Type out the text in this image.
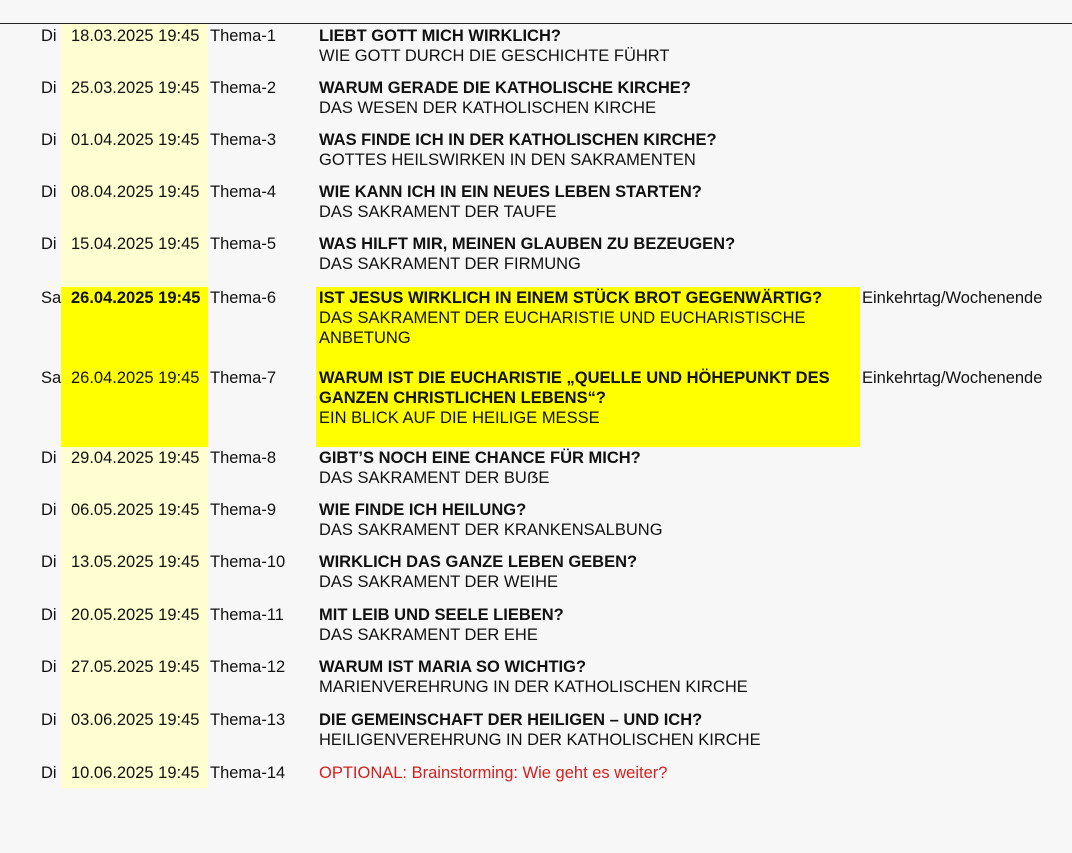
Di 18.03.2025 19:45 Thema-1	LIEBT GOTT MICH WIRKLICH?
WIE GOTT DURCH DIE GESCHICHTE FÜHRT
Di 25.03.2025 19:45 Thema-2	WARUM GERADE DIE KATHOLISCHE KIRCHE?
DAS WESEN DER KATHOLISCHEN KIRCHE
Di 01.04.2025 19:45 Thema-3	WAS FINDE ICH IN DER KATHOLISCHEN KIRCHE?
GOTTES HEILSWIRKEN IN DEN SAKRAMENTEN
Di 08.04.2025 19:45 Thema-4	WIE KANN ICH IN EIN NEUES LEBEN STARTEN?
DAS SAKRAMENT DER TAUFE
Di 15.04.2025 19:45 Thema-5	WAS HILFT MIR, MEINEN GLAUBEN ZU BEZEUGEN?
DAS SAKRAMENT DER FIRMUNG
Sa 26.04.2025 19:45 Thema-6	IST JESUS WIRKLICH IN EINEM STÜCK BROT GEGENWÄRTIG?
DAS SAKRAMENT DER EUCHARISTIE UND EUCHARISTISCHE ANBETUNG
Einkehrtag/Wochenende
Sa 26.04.2025 19:45 Thema-7	WARUM IST DIE EUCHARISTIE „QUELLE UND HÖHEPUNKT DES GANZEN CHRISTLICHEN LEBENS“?
EIN BLICK AUF DIE HEILIGE MESSE
Einkehrtag/Wochenende
Di 29.04.2025 19:45 Thema-8	GIBT’S NOCH EINE CHANCE FÜR MICH?
DAS SAKRAMENT DER BUẞE
Di 06.05.2025 19:45 Thema-9	WIE FINDE ICH HEILUNG?
DAS SAKRAMENT DER KRANKENSALBUNG
Di 13.05.2025 19:45 Thema-10 WIRKLICH DAS GANZE LEBEN GEBEN?
DAS SAKRAMENT DER WEIHE
Di 20.05.2025 19:45 Thema-11 MIT LEIB UND SEELE LIEBEN?
DAS SAKRAMENT DER EHE
Di 27.05.2025 19:45 Thema-12 WARUM IST MARIA SO WICHTIG?
MARIENVEREHRUNG IN DER KATHOLISCHEN KIRCHE
Di 03.06.2025 19:45 Thema-13 DIE GEMEINSCHAFT DER HEILIGEN – UND ICH?
HEILIGENVEREHRUNG IN DER KATHOLISCHEN KIRCHE
Di 10.06.2025 19:45 Thema-14 OPTIONAL: Brainstorming: Wie geht es weiter?
